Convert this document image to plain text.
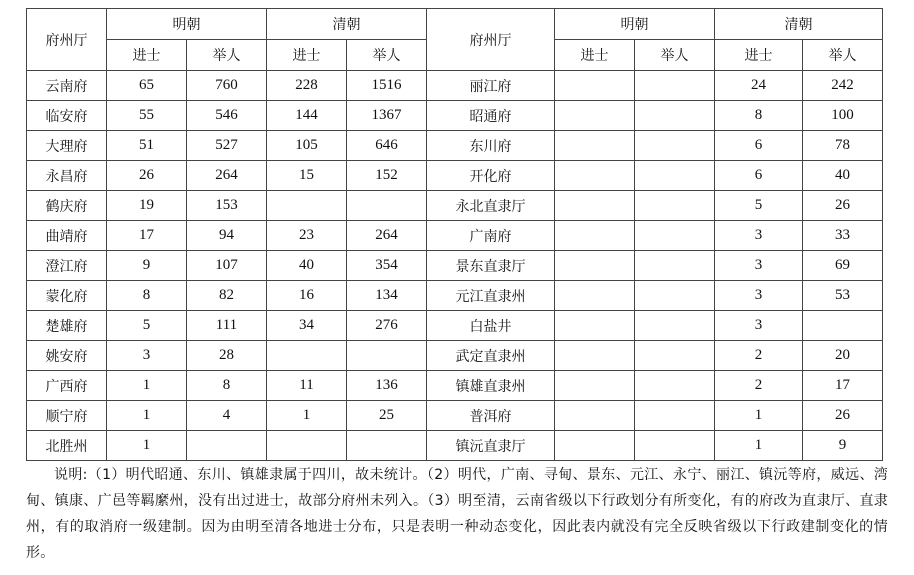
府州厅	明朝		清朝		府州厅	明朝		清朝	
	进士	举人	进士	举人		进士	举人	进士	举人
云南府	65	760	228	1516	丽江府			24	242
临安府	55	546	144	1367	昭通府			8	100
大理府	51	527	105	646	东川府			6	78
永昌府	26	264	15	152	开化府			6	40
鹤庆府	19	153			永北直隶厅			5	26
曲靖府	17	94	23	264	广南府			3	33
澄江府	9	107	40	354	景东直隶厅			3	69
蒙化府	8	82	16	134	元江直隶州			3	53
楚雄府	5	111	34	276	白盐井			3	
姚安府	3	28			武定直隶州			2	20
广西府	1	8	11	136	镇雄直隶州			2	17
顺宁府	1	4	1	25	普洱府			1	26
北胜州	1				镇沅直隶厅			1	9
说明:（1）明代昭通、东川、镇雄隶属于四川，故未统计。（2）明代，广南、寻甸、景东、元江、永宁、丽江、镇沅等府，威远、湾甸、镇康、广邑等羁縻州，没有出过进士，故部分府州未列入。（3）明至清，云南省级以下行政划分有所变化，有的府改为直隶厅、直隶州，有的取消府一级建制。因为由明至清各地进士分布，只是表明一种动态变化，因此表内就没有完全反映省级以下行政建制变化的情形。
